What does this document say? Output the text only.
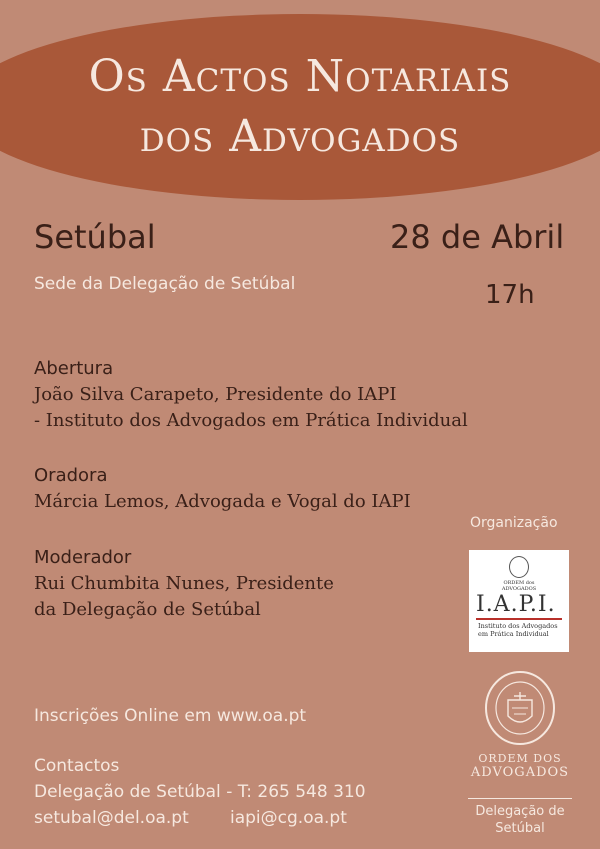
Os Actos Notariais
dos Advogados
Setúbal	28 de Abril
Sede da Delegação de Setúbal	17h
Abertura
João Silva Carapeto, Presidente do IAPI
- Instituto dos Advogados em Prática Individual
Oradora
Márcia Lemos, Advogada e Vogal do IAPI
Moderador
Rui Chumbita Nunes, Presidente
da Delegação de Setúbal
Inscrições Online em www.oa.pt
Contactos
Delegação de Setúbal - T: 265 548 310
setubal@del.oa.pt iapi@cg.oa.pt
Organização
ORDEM dos ADVOGADOS
I.A.P.I.
Instituto dos Advogados em Prática Individual
ORDEM DOS
ADVOGADOS
Delegação de
Setúbal
